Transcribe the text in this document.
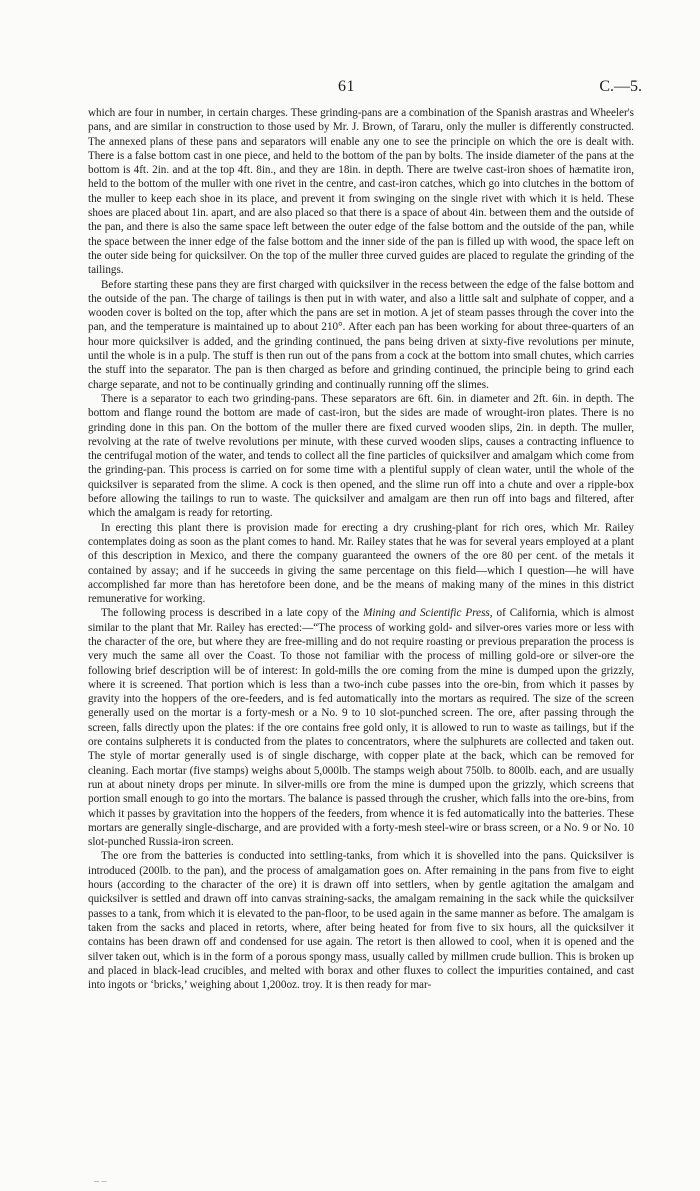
61	C.—5.

which are four in number, in certain charges. These grinding-pans are a combination of the Spanish arastras and Wheeler's pans, and are similar in construction to those used by Mr. J. Brown, of Tararu, only the muller is differently constructed. The annexed plans of these pans and separators will enable any one to see the principle on which the ore is dealt with. There is a false bottom cast in one piece, and held to the bottom of the pan by bolts. The inside diameter of the pans at the bottom is 4ft. 2in. and at the top 4ft. 8in., and they are 18in. in depth. There are twelve cast-iron shoes of hæmatite iron, held to the bottom of the muller with one rivet in the centre, and cast-iron catches, which go into clutches in the bottom of the muller to keep each shoe in its place, and prevent it from swinging on the single rivet with which it is held. These shoes are placed about 1in. apart, and are also placed so that there is a space of about 4in. between them and the outside of the pan, and there is also the same space left between the outer edge of the false bottom and the outside of the pan, while the space between the inner edge of the false bottom and the inner side of the pan is filled up with wood, the space left on the outer side being for quicksilver. On the top of the muller three curved guides are placed to regulate the grinding of the tailings.

Before starting these pans they are first charged with quicksilver in the recess between the edge of the false bottom and the outside of the pan. The charge of tailings is then put in with water, and also a little salt and sulphate of copper, and a wooden cover is bolted on the top, after which the pans are set in motion. A jet of steam passes through the cover into the pan, and the temperature is maintained up to about 210°. After each pan has been working for about three-quarters of an hour more quicksilver is added, and the grinding continued, the pans being driven at sixty-five revolutions per minute, until the whole is in a pulp. The stuff is then run out of the pans from a cock at the bottom into small chutes, which carries the stuff into the separator. The pan is then charged as before and grinding continued, the principle being to grind each charge separate, and not to be continually grinding and continually running off the slimes.

There is a separator to each two grinding-pans. These separators are 6ft. 6in. in diameter and 2ft. 6in. in depth. The bottom and flange round the bottom are made of cast-iron, but the sides are made of wrought-iron plates. There is no grinding done in this pan. On the bottom of the muller there are fixed curved wooden slips, 2in. in depth. The muller, revolving at the rate of twelve revolutions per minute, with these curved wooden slips, causes a contracting influence to the centrifugal motion of the water, and tends to collect all the fine particles of quicksilver and amalgam which come from the grinding-pan. This process is carried on for some time with a plentiful supply of clean water, until the whole of the quicksilver is separated from the slime. A cock is then opened, and the slime run off into a chute and over a ripple-box before allowing the tailings to run to waste. The quicksilver and amalgam are then run off into bags and filtered, after which the amalgam is ready for retorting.

In erecting this plant there is provision made for erecting a dry crushing-plant for rich ores, which Mr. Railey contemplates doing as soon as the plant comes to hand. Mr. Railey states that he was for several years employed at a plant of this description in Mexico, and there the company guaranteed the owners of the ore 80 per cent. of the metals it contained by assay; and if he succeeds in giving the same percentage on this field—which I question—he will have accomplished far more than has heretofore been done, and be the means of making many of the mines in this district remunerative for working.

The following process is described in a late copy of the Mining and Scientific Press, of California, which is almost similar to the plant that Mr. Railey has erected:—“The process of working gold- and silver-ores varies more or less with the character of the ore, but where they are free-milling and do not require roasting or previous preparation the process is very much the same all over the Coast. To those not familiar with the process of milling gold-ore or silver-ore the following brief description will be of interest: In gold-mills the ore coming from the mine is dumped upon the grizzly, where it is screened. That portion which is less than a two-inch cube passes into the ore-bin, from which it passes by gravity into the hoppers of the ore-feeders, and is fed automatically into the mortars as required. The size of the screen generally used on the mortar is a forty-mesh or a No. 9 to 10 slot-punched screen. The ore, after passing through the screen, falls directly upon the plates: if the ore contains free gold only, it is allowed to run to waste as tailings, but if the ore contains sulpherets it is conducted from the plates to concentrators, where the sulphurets are collected and taken out. The style of mortar generally used is of single discharge, with copper plate at the back, which can be removed for cleaning. Each mortar (five stamps) weighs about 5,000lb. The stamps weigh about 750lb. to 800lb. each, and are usually run at about ninety drops per minute. In silver-mills ore from the mine is dumped upon the grizzly, which screens that portion small enough to go into the mortars. The balance is passed through the crusher, which falls into the ore-bins, from which it passes by gravitation into the hoppers of the feeders, from whence it is fed automatically into the batteries. These mortars are generally single-discharge, and are provided with a forty-mesh steel-wire or brass screen, or a No. 9 or No. 10 slot-punched Russia-iron screen.

The ore from the batteries is conducted into settling-tanks, from which it is shovelled into the pans. Quicksilver is introduced (200lb. to the pan), and the process of amalgamation goes on. After remaining in the pans from five to eight hours (according to the character of the ore) it is drawn off into settlers, when by gentle agitation the amalgam and quicksilver is settled and drawn off into canvas straining-sacks, the amalgam remaining in the sack while the quicksilver passes to a tank, from which it is elevated to the pan-floor, to be used again in the same manner as before. The amalgam is taken from the sacks and placed in retorts, where, after being heated for from five to six hours, all the quicksilver it contains has been drawn off and condensed for use again. The retort is then allowed to cool, when it is opened and the silver taken out, which is in the form of a porous spongy mass, usually called by millmen crude bullion. This is broken up and placed in black-lead crucibles, and melted with borax and other fluxes to collect the impurities contained, and cast into ingots or ‘bricks,’ weighing about 1,200oz. troy. It is then ready for mar-

– –
